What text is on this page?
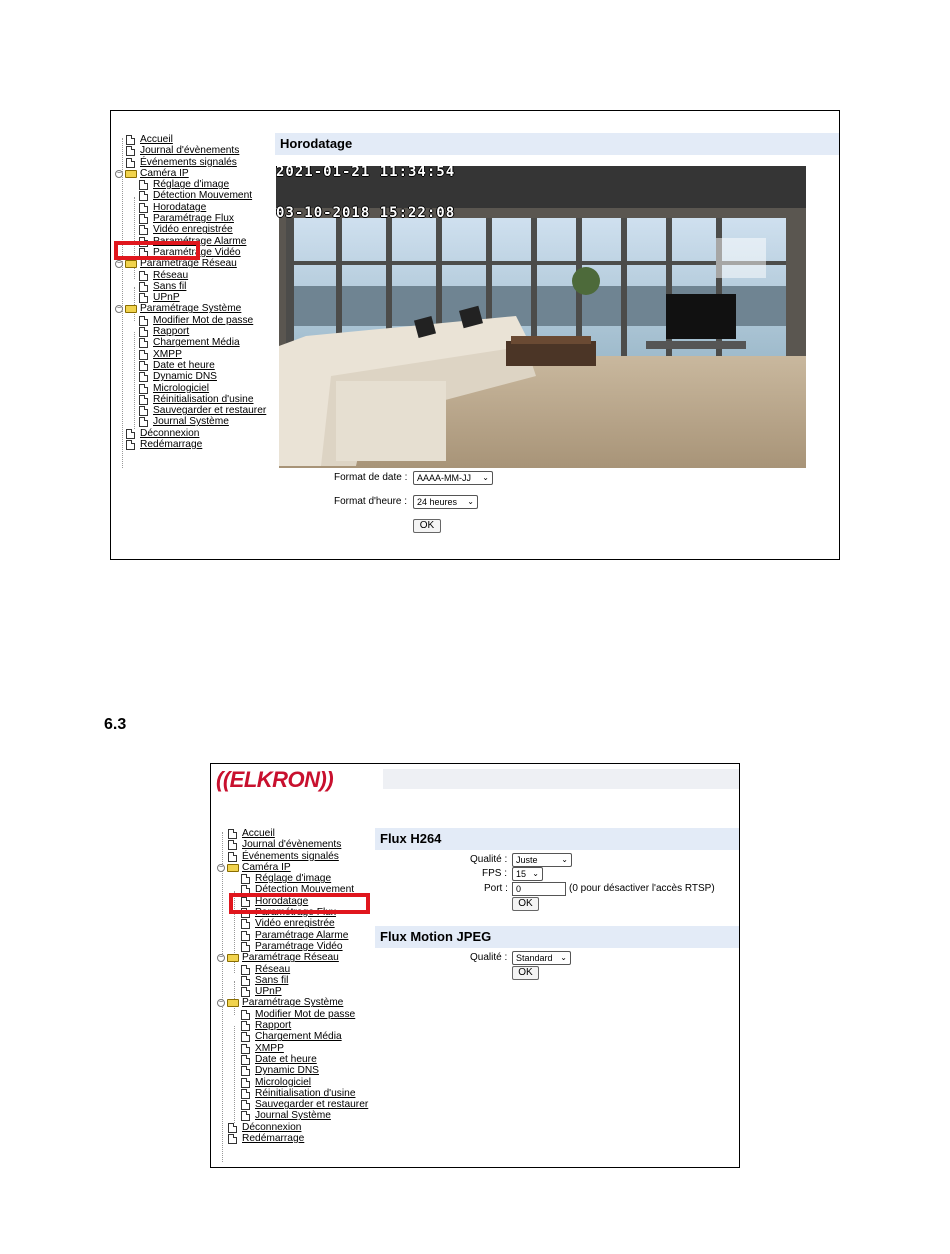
Accueil
Journal d'évènements
Événements signalés
− Caméra IP
Réglage d'image
Détection Mouvement
Horodatage
Paramétrage Flux
Vidéo enregistrée
Paramétrage Alarme
Paramétrage Vidéo
− Paramétrage Réseau
Réseau
Sans fil
UPnP
− Paramétrage Système
Modifier Mot de passe
Rapport
Chargement Média
XMPP
Date et heure
Dynamic DNS
Micrologiciel
Réinitialisation d'usine
Sauvegarder et restaurer
Journal Système
Déconnexion
Redémarrage
Horodatage
2021-01-21 11:34:54
03-10-2018 15:22:08
Format de date :	AAAA-MM-JJ ⌄
Format d'heure :	24 heures ⌄
OK
6.3
((ELKRON))
Accueil
Journal d'évènements
Événements signalés
− Caméra IP
Réglage d'image
Détection Mouvement
Horodatage
Paramétrage Flux
Vidéo enregistrée
Paramétrage Alarme
Paramétrage Vidéo
− Paramétrage Réseau
Réseau
Sans fil
UPnP
− Paramétrage Système
Modifier Mot de passe
Rapport
Chargement Média
XMPP
Date et heure
Dynamic DNS
Micrologiciel
Réinitialisation d'usine
Sauvegarder et restaurer
Journal Système
Déconnexion
Redémarrage
Flux H264
Qualité : Juste	⌄
FPS : 15 ⌄
Port : 0	(0 pour désactiver l'accès RTSP)
OK
Flux Motion JPEG
Qualité : Standard ⌄
OK
